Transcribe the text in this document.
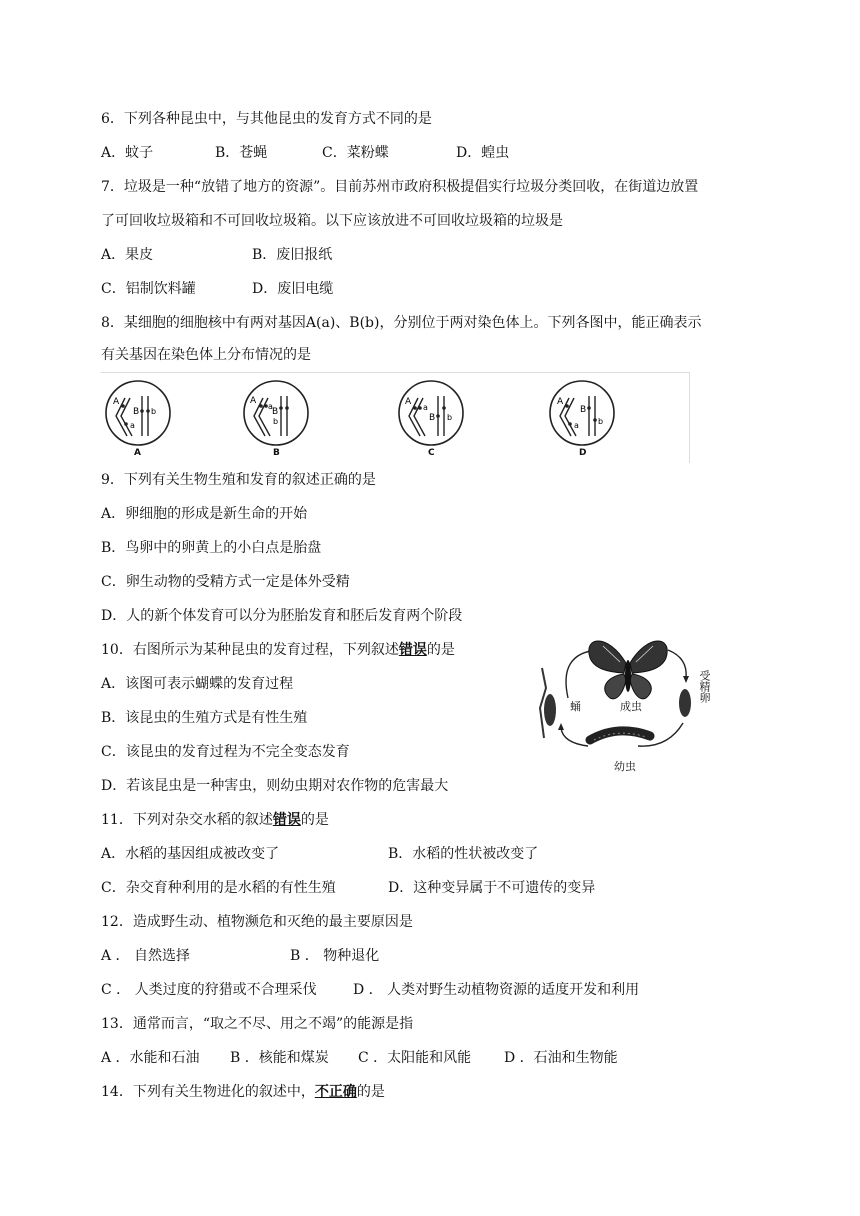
6．下列各种昆虫中，与其他昆虫的发育方式不同的是
A．蚊子	B．苍蝇	C．菜粉蝶	D．蝗虫
7．垃圾是一种“放错了地方的资源”。目前苏州市政府积极提倡实行垃圾分类回收，在街道边放置
了可回收垃圾箱和不可回收垃圾箱。以下应该放进不可回收垃圾箱的垃圾是
A．果皮	B．废旧报纸
C．铝制饮料罐	D．废旧电缆
8．某细胞的细胞核中有两对基因A(a)、B(b)，分别位于两对染色体上。下列各图中，能正确表示
有关基因在染色体上分布情况的是
A
a
B b
A
a
B
b
A
a
B b
A
a
B
b
A	B	C	D
9．下列有关生物生殖和发育的叙述正确的是
A．卵细胞的形成是新生命的开始
B．鸟卵中的卵黄上的小白点是胎盘
C．卵生动物的受精方式一定是体外受精
D．人的新个体发育可以分为胚胎发育和胚后发育两个阶段
10．右图所示为某种昆虫的发育过程，下列叙述错误的是
A．该图可表示蝴蝶的发育过程
B．该昆虫的生殖方式是有性生殖
C．该昆虫的发育过程为不完全变态发育
D．若该昆虫是一种害虫，则幼虫期对农作物的危害最大
成虫
蛹
受精卵
幼虫
11．下列对杂交水稻的叙述错误的是
A．水稻的基因组成被改变了	B．水稻的性状被改变了
C．杂交育种利用的是水稻的有性生殖	D．这种变异属于不可遗传的变异
12．造成野生动、植物濒危和灭绝的最主要原因是
A ． 自然选择	B ． 物种退化
C ． 人类过度的狩猎或不合理采伐	D ． 人类对野生动植物资源的适度开发和利用
13．通常而言，“取之不尽、用之不竭”的能源是指
A ．水能和石油 B ．核能和煤炭 C ．太阳能和风能 D ．石油和生物能
14．下列有关生物进化的叙述中，不正确的是
